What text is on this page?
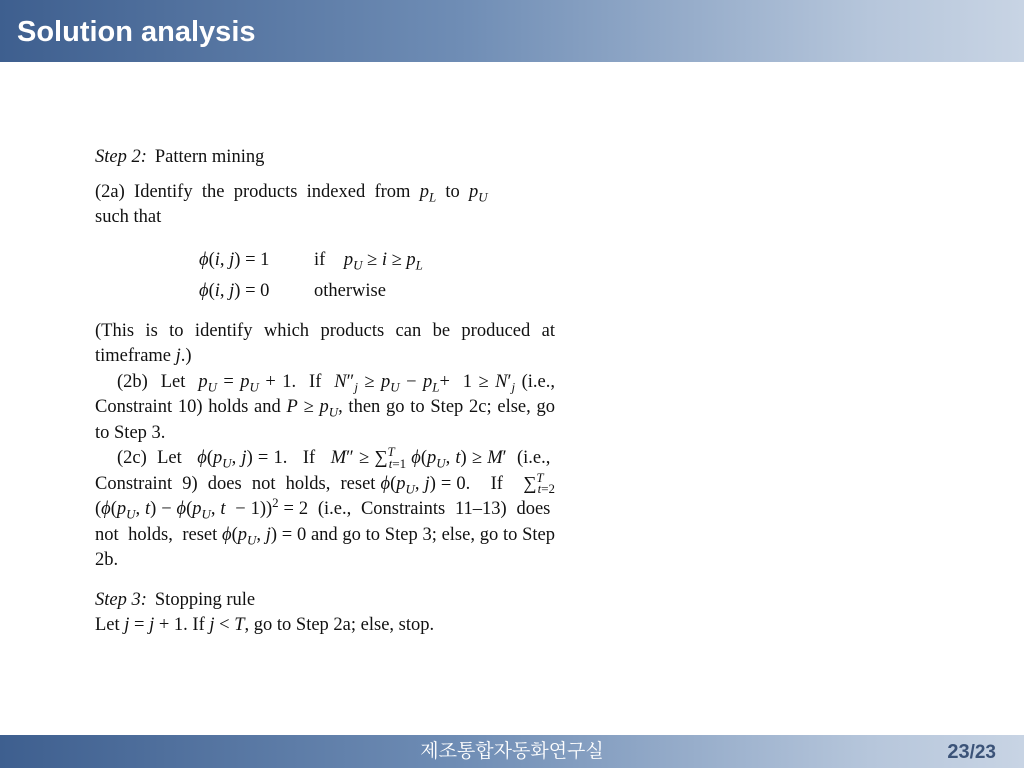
Solution analysis

Step 2: Pattern mining

(2a)  Identify  the  products  indexed  from  $p_L$  to  $p_U$
such that

ϕ(i, j) = 1	if    $p_U \ge i \ge p_L$
ϕ(i, j) = 0	otherwise

(This is to identify which products can be produced at timeframe j.)

(2b)  Let  $p_U = p_U + 1$.  If  $N''_j \ge p_U - p_L+ 1 \ge N'_j$ (i.e., Constraint 10) holds and $P \ge p_U$, then go to Step 2c; else, go to Step 3.

(2c)  Let   $\phi(p_U$, j) = 1.   If   M″ ≥ ∑$^T_{t=1}$ $\phi(p_U$, t) ≥ M′  (i.e.,  Constraint  9)  does  not  holds,  reset $\phi(p_U$, j) = 0.    If    ∑$^T_{t=2}$ ($\phi(p_U$, $t) - \phi(p_U$, t  − 1))$^2$ = 2  (i.e.,  Constraints  11–13)  does  not  holds,  reset $\phi(p_U$, j) = 0 and go to Step 3; else, go to Step 2b.

Step 3: Stopping rule

Let j = j + 1. If j < T, go to Step 2a; else, stop.

제조통합자동화연구실	23/23
